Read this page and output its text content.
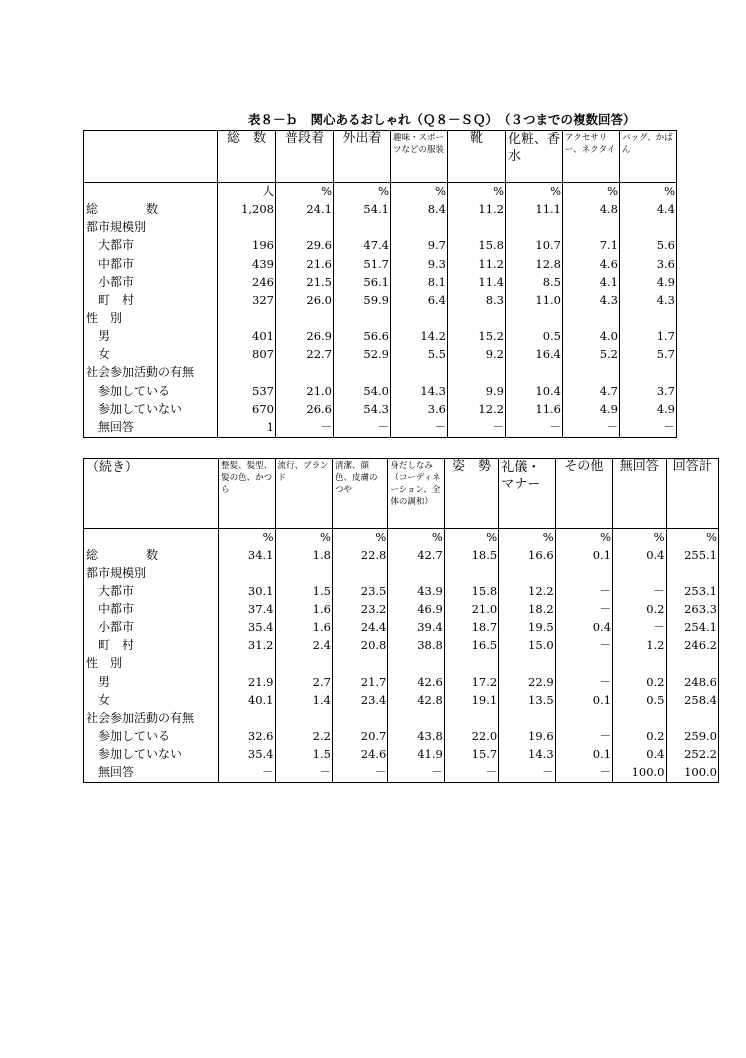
表８－ｂ　関心あるおしゃれ（Ｑ８－ＳＱ）　（３つまでの複数回答）
	総　数	普段着	外出着	趣味・スポーツなどの服装	靴	化粧、香水	アクセサリー、ネクタイ	バッグ、かばん
	人	%	%	%	%	%	%	%
総　　　　数	1,208	24.1	54.1	8.4	11.2	11.1	4.8	4.4
都市規模別								
大都市	196	29.6	47.4	9.7	15.8	10.7	7.1	5.6
中都市	439	21.6	51.7	9.3	11.2	12.8	4.6	3.6
小都市	246	21.5	56.1	8.1	11.4	8.5	4.1	4.9
町　村	327	26.0	59.9	6.4	8.3	11.0	4.3	4.3
性　別								
男	401	26.9	56.6	14.2	15.2	0.5	4.0	1.7
女	807	22.7	52.9	5.5	9.2	16.4	5.2	5.7
社会参加活動の有無								
参加している	537	21.0	54.0	14.3	9.9	10.4	4.7	3.7
参加していない	670	26.6	54.3	3.6	12.2	11.6	4.9	4.9
無回答	1	－	－	－	－	－	－	－
（続き）	整髪、髪型、髪の色、かつら	流行、ブランド	清潔、顔色、皮膚のつや	身だしなみ（コーディネーション、全体の調和）	姿　勢	礼儀・マナー	その他	無回答	回答計
	%	%	%	%	%	%	%	%	%
総　　　　数	34.1	1.8	22.8	42.7	18.5	16.6	0.1	0.4	255.1
都市規模別									
大都市	30.1	1.5	23.5	43.9	15.8	12.2	－	－	253.1
中都市	37.4	1.6	23.2	46.9	21.0	18.2	－	0.2	263.3
小都市	35.4	1.6	24.4	39.4	18.7	19.5	0.4	－	254.1
町　村	31.2	2.4	20.8	38.8	16.5	15.0	－	1.2	246.2
性　別									
男	21.9	2.7	21.7	42.6	17.2	22.9	－	0.2	248.6
女	40.1	1.4	23.4	42.8	19.1	13.5	0.1	0.5	258.4
社会参加活動の有無									
参加している	32.6	2.2	20.7	43.8	22.0	19.6	－	0.2	259.0
参加していない	35.4	1.5	24.6	41.9	15.7	14.3	0.1	0.4	252.2
無回答	－	－	－	－	－	－	－	100.0	100.0
